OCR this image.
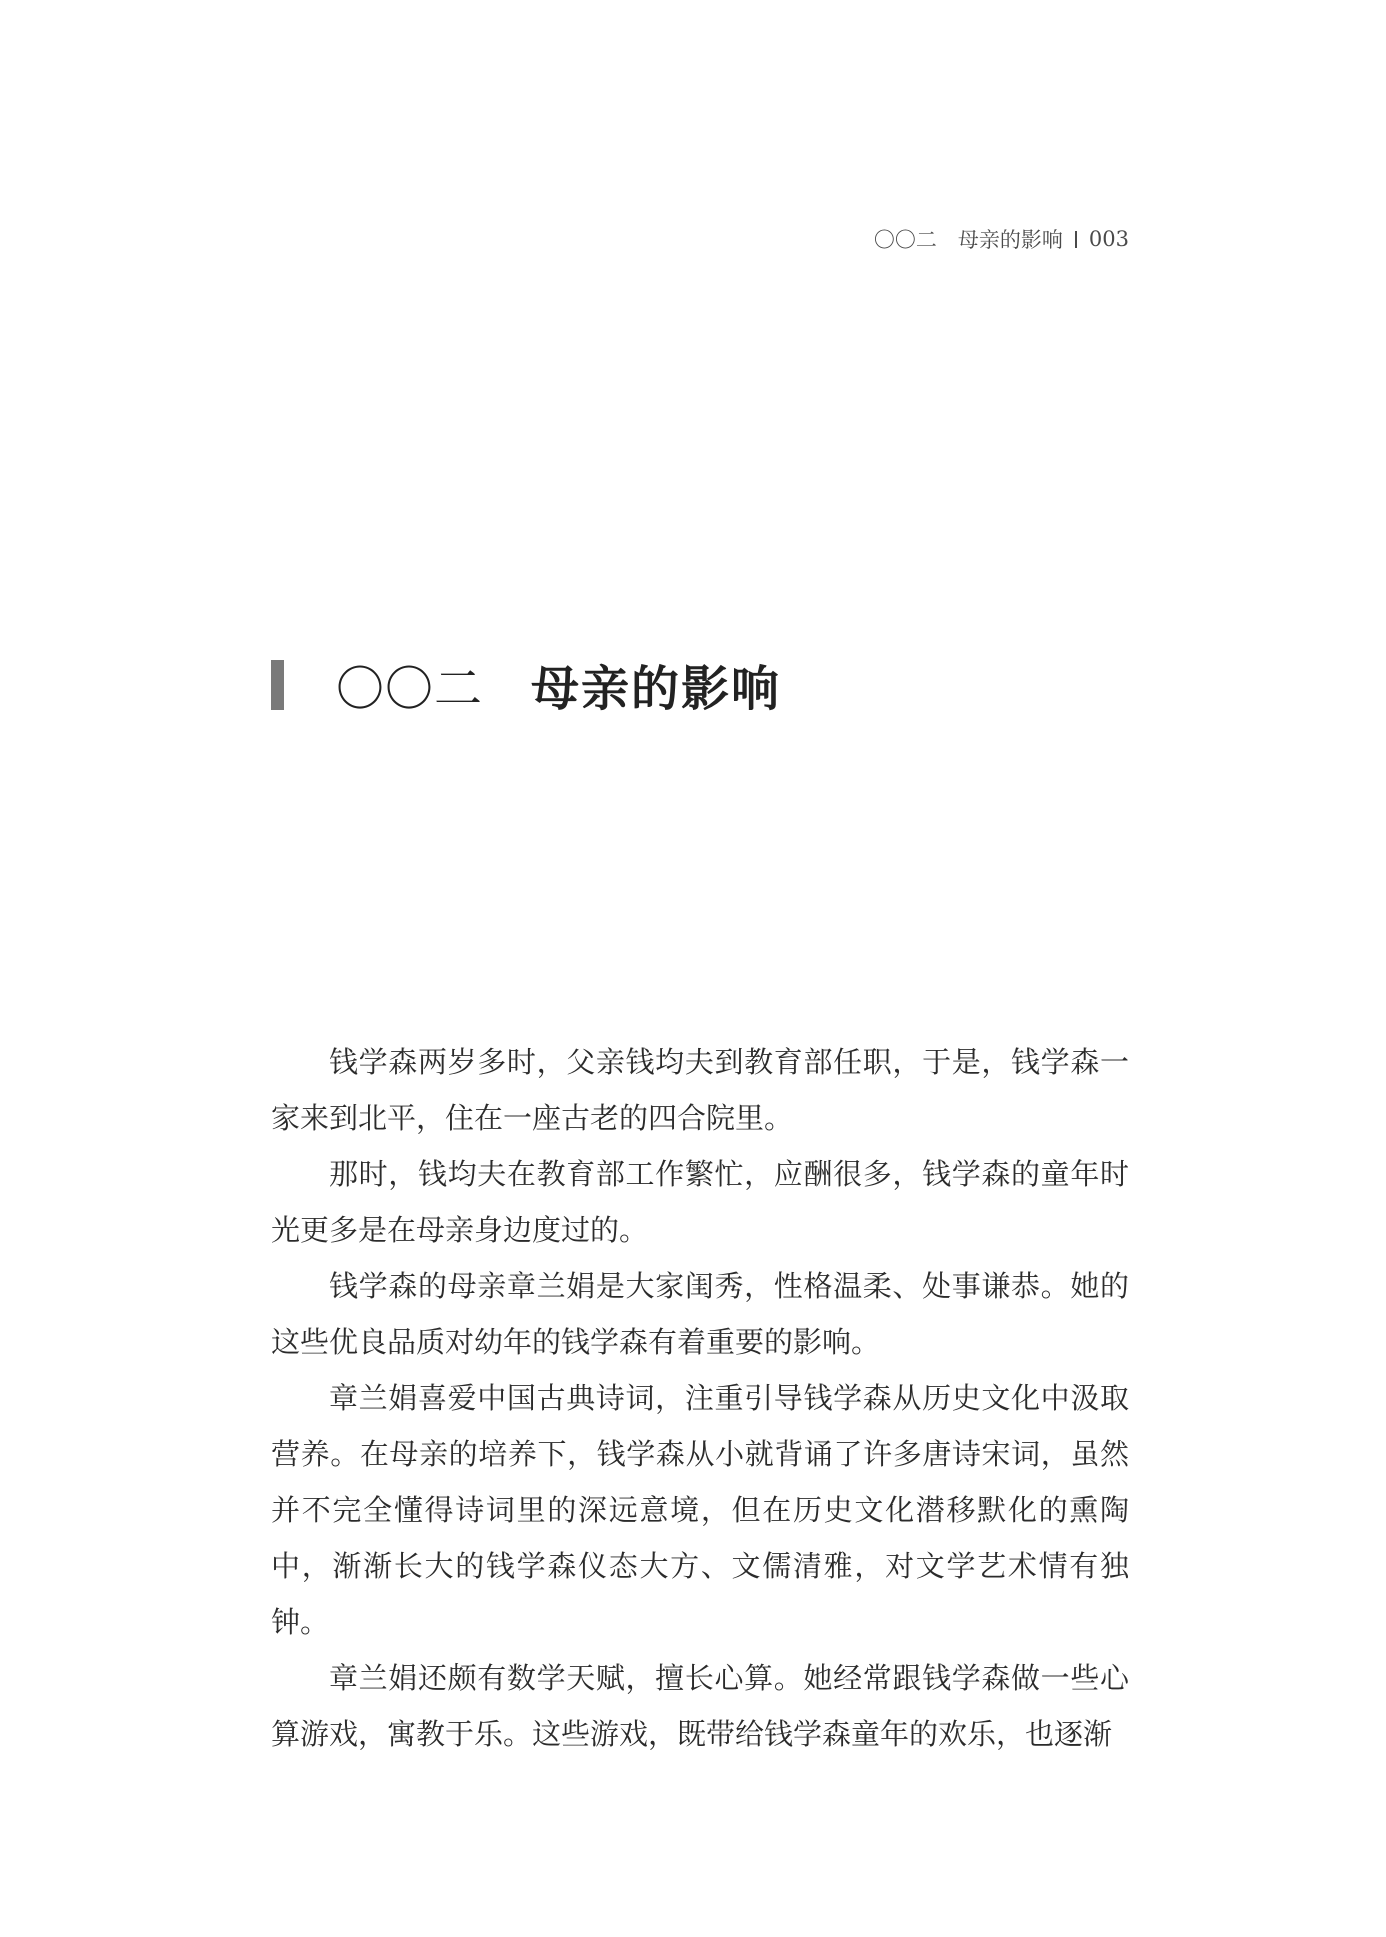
〇〇二　母亲的影响 003
〇〇二 母亲的影响

钱学森两岁多时，父亲钱均夫到教育部任职，于是，钱学森一家来到北平，住在一座古老的四合院里。

那时，钱均夫在教育部工作繁忙，应酬很多，钱学森的童年时光更多是在母亲身边度过的。

钱学森的母亲章兰娟是大家闺秀，性格温柔、处事谦恭。她的这些优良品质对幼年的钱学森有着重要的影响。

章兰娟喜爱中国古典诗词，注重引导钱学森从历史文化中汲取营养。在母亲的培养下，钱学森从小就背诵了许多唐诗宋词，虽然并不完全懂得诗词里的深远意境，但在历史文化潜移默化的熏陶中，渐渐长大的钱学森仪态大方、文儒清雅，对文学艺术情有独钟。

章兰娟还颇有数学天赋，擅长心算。她经常跟钱学森做一些心算游戏，寓教于乐。这些游戏，既带给钱学森童年的欢乐，也逐渐
